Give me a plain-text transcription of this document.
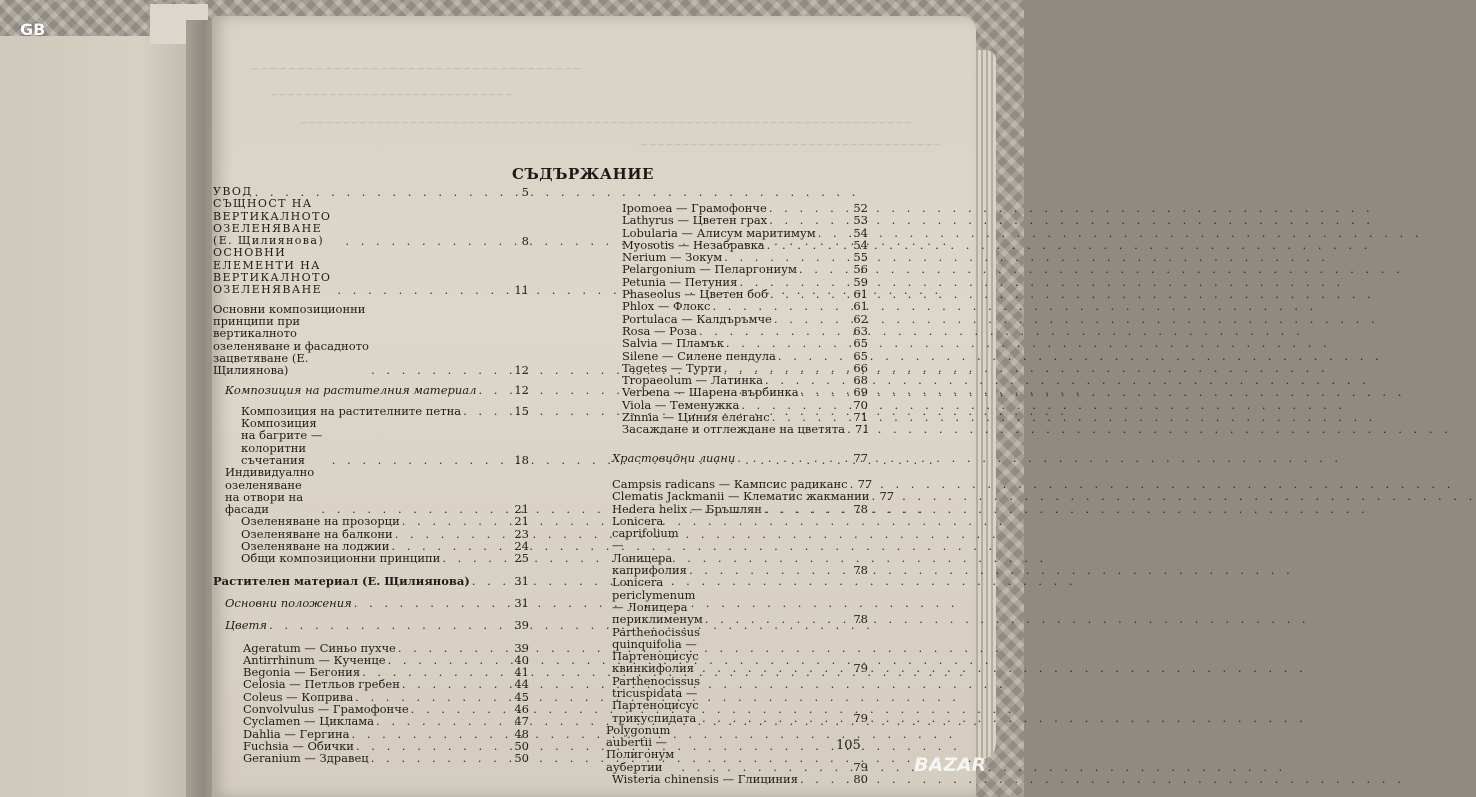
~~~~~~~~~~~~~~~~~~~~~~~~~~~~~~~~~~~~
~~~~~~~~~~~~~~~~~~~~~~~~~~~~~
~~~~~~~~~~~~~~~~~~~~~~~~~~~~~~~~~~~~~~~~~~~~~~~~~~~~~~~~~~~~~~~~~~~~~~~~~
~~~~~~~~~~~~~~~~~~~~~~~~~~~~~~~~~~~~
СЪДЪРЖАНИЕ
УВОД . . .	5
СЪЩНОСТ НА ВЕРТИКАЛНОТО ОЗЕЛЕНЯВАНЕ (Е. Щилиянова) . . .	8
ОСНОВНИ ЕЛЕМЕНТИ НА ВЕРТИКАЛНОТО ОЗЕЛЕНЯВАНЕ . . .	11
Основни композиционни принципи при вертикалното озеленяване и фасадното зацветяване (Е. Щилиянова) . . .	12
Композиция на растителния материал . . .	12
Композиция на растителните петна . . .	15
Композиция на багрите — колоритни съчетания . . .	18
Индивидуално озеленяване на отвори на фасади . . .	21
Озеленяване на прозорци . . .	21
Озеленяване на балкони . . .	23
Озеленяване на лоджии . . .	24
Общи композиционни принципи . . .	25
Растителен материал (Е. Щилиянова) . . .	31
Основни положения . . .	31
Цветя . . .	39
Ageratum — Синьо пухче . . .	39
Antirrhinum — Кученце . . .	40
Begonia — Бегония . . .	41
Celosia — Петльов гребен . . .	44
Coleus — Коприва . . .	45
Convolvulus — Грамофонче . . .	46
Cyclamen — Циклама . . .	47
Dahlia — Гергина . . .	48
Fuchsia — Обички . . .	50
Geranium — Здравец . . .	50
Ipomoea — Грамофонче . . .	52
Lathyrus — Цветен грах . . .	53
Lobularia — Алисум маритимум . . .	54
Myosotis — Незабравка . . .	54
Nerium — Зокум . . .	55
Pelargonium — Пеларгониум . . .	56
Petunia — Петуния . . .	59
Phaseolus — Цветен боб . . .	61
Phlox — Флокс . . .	61
Portulaca — Калдъръмче . . .	62
Rosa — Роза . . .	63
Salvia — Пламък . . .	65
Silene — Силене пендула . . .	65
Tagetes — Турти . . .	66
Tropaeolum — Латинка . . .	68
Verbena — Шарена върбинка . . .	69
Viola — Теменужка . . .	70
Zinnia — Циния елеганс . . .	71
Засаждане и отглеждане на цветята . . . 71
Храстовидни лиани . . .	77
Campsis radicans — Кампсис радиканс . . . 77
Clematis Jackmanii — Клематис жакмании . . . 77
Hedera helix — Бръшлян . . .	78
Lonicera caprifolium — Лоницера каприфолия . . .	78
Lonicera periclymenum — Лоницера периклименум . . .	78
Parthenocissus quinquifolia — Партеноцисус квинкифолия . . .	79
Parthenocissus tricuspidata — Партеноцисус трикуспидата . . .	79
Polygonum aubertii — Полигонум аубертии . . .	79
Wisteria chinensis — Глициния . . .	80
105
GB
BAZAR
